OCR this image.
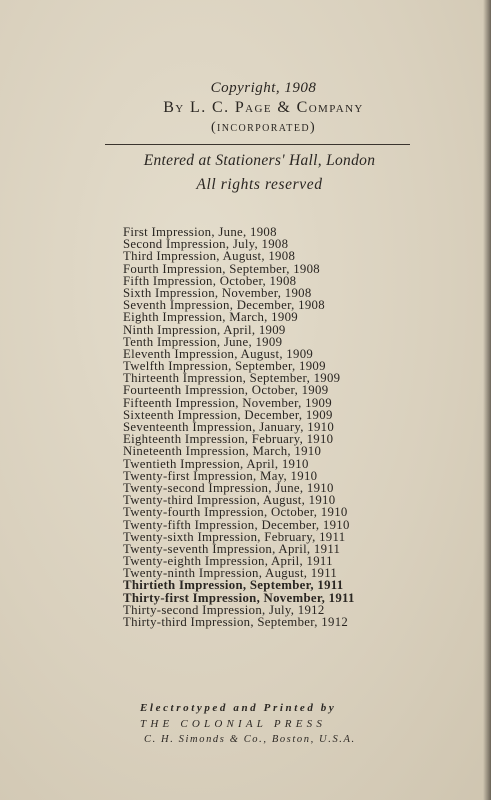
Copyright, 1908
By L. C. Page & Company
(incorporated)
Entered at Stationers' Hall, London
All rights reserved
First Impression, June, 1908
Second Impression, July, 1908
Third Impression, August, 1908
Fourth Impression, September, 1908
Fifth Impression, October, 1908
Sixth Impression, November, 1908
Seventh Impression, December, 1908
Eighth Impression, March, 1909
Ninth Impression, April, 1909
Tenth Impression, June, 1909
Eleventh Impression, August, 1909
Twelfth Impression, September, 1909
Thirteenth Impression, September, 1909
Fourteenth Impression, October, 1909
Fifteenth Impression, November, 1909
Sixteenth Impression, December, 1909
Seventeenth Impression, January, 1910
Eighteenth Impression, February, 1910
Nineteenth Impression, March, 1910
Twentieth Impression, April, 1910
Twenty-first Impression, May, 1910
Twenty-second Impression, June, 1910
Twenty-third Impression, August, 1910
Twenty-fourth Impression, October, 1910
Twenty-fifth Impression, December, 1910
Twenty-sixth Impression, February, 1911
Twenty-seventh Impression, April, 1911
Twenty-eighth Impression, April, 1911
Twenty-ninth Impression, August, 1911
Thirtieth Impression, September, 1911
Thirty-first Impression, November, 1911
Thirty-second Impression, July, 1912
Thirty-third Impression, September, 1912
Electrotyped and Printed by
THE COLONIAL PRESS
C. H. Simonds & Co., Boston, U.S.A.
